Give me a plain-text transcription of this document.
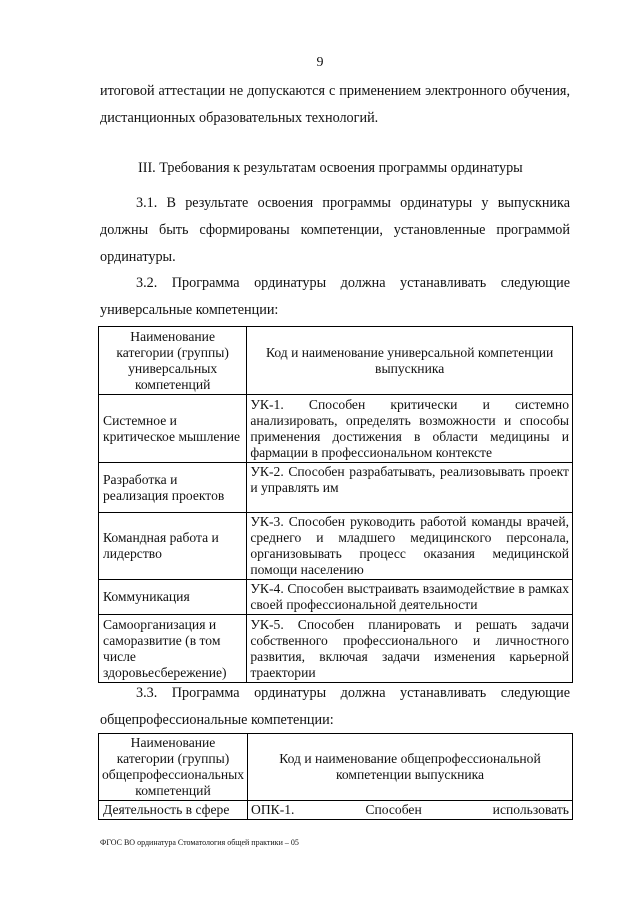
9
итоговой аттестации не допускаются с применением электронного обучения, дистанционных образовательных технологий.
III. Требования к результатам освоения программы ординатуры
3.1. В результате освоения программы ординатуры у выпускника должны быть сформированы компетенции, установленные программой ординатуры.
3.2. Программа ординатуры должна устанавливать следующие универсальные компетенции:
Наименование категории (группы) универсальных компетенций	Код и наименование универсальной компетенции выпускника
Системное и критическое мышление	УК-1. Способен критически и системно анализировать, определять возможности и способы применения достижения в области медицины и фармации в профессиональном контексте
Разработка и реализация проектов	УК-2. Способен разрабатывать, реализовывать проект и управлять им
Командная работа и лидерство	УК-3. Способен руководить работой команды врачей, среднего и младшего медицинского персонала, организовывать процесс оказания медицинской помощи населению
Коммуникация	УК-4. Способен выстраивать взаимодействие в рамках своей профессиональной деятельности
Самоорганизация и саморазвитие (в том числе здоровьесбережение)	УК-5. Способен планировать и решать задачи собственного профессионального и личностного развития, включая задачи изменения карьерной траектории
3.3. Программа ординатуры должна устанавливать следующие общепрофессиональные компетенции:
Наименование категории (группы) общепрофессиональных компетенций	Код и наименование общепрофессиональной компетенции выпускника
Деятельность в сфере	ОПК-1. Способен использовать
ФГОС ВО ординатура Стоматология общей практики – 05
